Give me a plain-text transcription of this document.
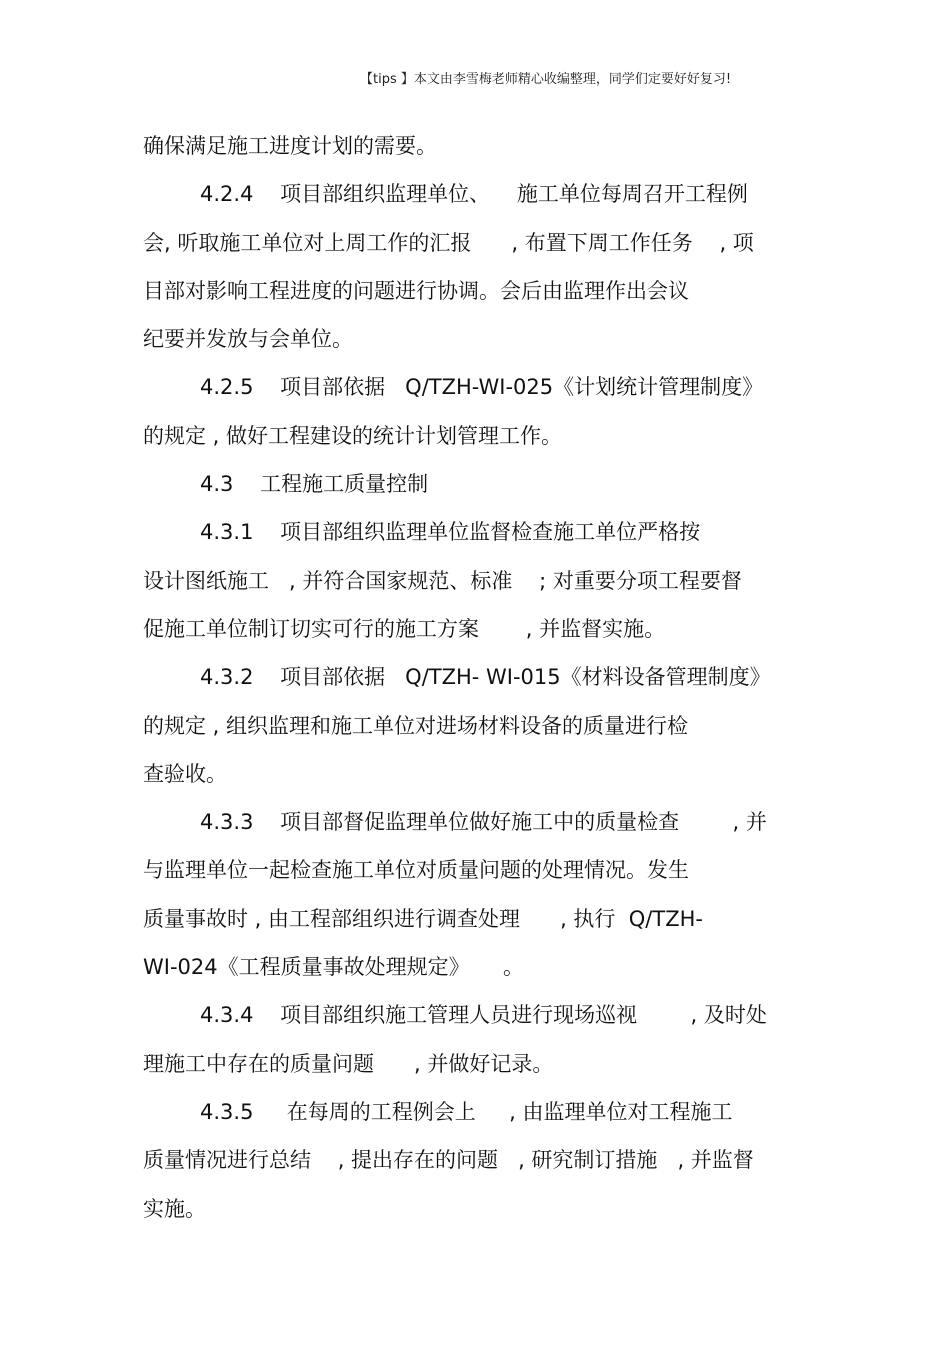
【tips 】本文由李雪梅老师精心收编整理，同学们定要好好复习!
确保满足施工进度计划的需要。
4.2.4    项目部组织监理单位、    施工单位每周召开工程例
会, 听取施工单位对上周工作的汇报      , 布置下周工作任务    , 项
目部对影响工程进度的问题进行协调。会后由监理作出会议
纪要并发放与会单位。
4.2.5    项目部依据   Q/TZH-WI-025《计划统计管理制度》
的规定 , 做好工程建设的统计计划管理工作。
4.3    工程施工质量控制
4.3.1    项目部组织监理单位监督检查施工单位严格按
设计图纸施工   , 并符合国家规范、标准    ; 对重要分项工程要督
促施工单位制订切实可行的施工方案       , 并监督实施。
4.3.2    项目部依据   Q/TZH- WI-015《材料设备管理制度》
的规定 , 组织监理和施工单位对进场材料设备的质量进行检
查验收。
4.3.3    项目部督促监理单位做好施工中的质量检查        , 并
与监理单位一起检查施工单位对质量问题的处理情况。发生
质量事故时 , 由工程部组织进行调查处理      , 执行  Q/TZH-
WI-024《工程质量事故处理规定》     。
4.3.4    项目部组织施工管理人员进行现场巡视        , 及时处
理施工中存在的质量问题      , 并做好记录。
4.3.5     在每周的工程例会上     , 由监理单位对工程施工
质量情况进行总结    , 提出存在的问题   , 研究制订措施   , 并监督
实施。
